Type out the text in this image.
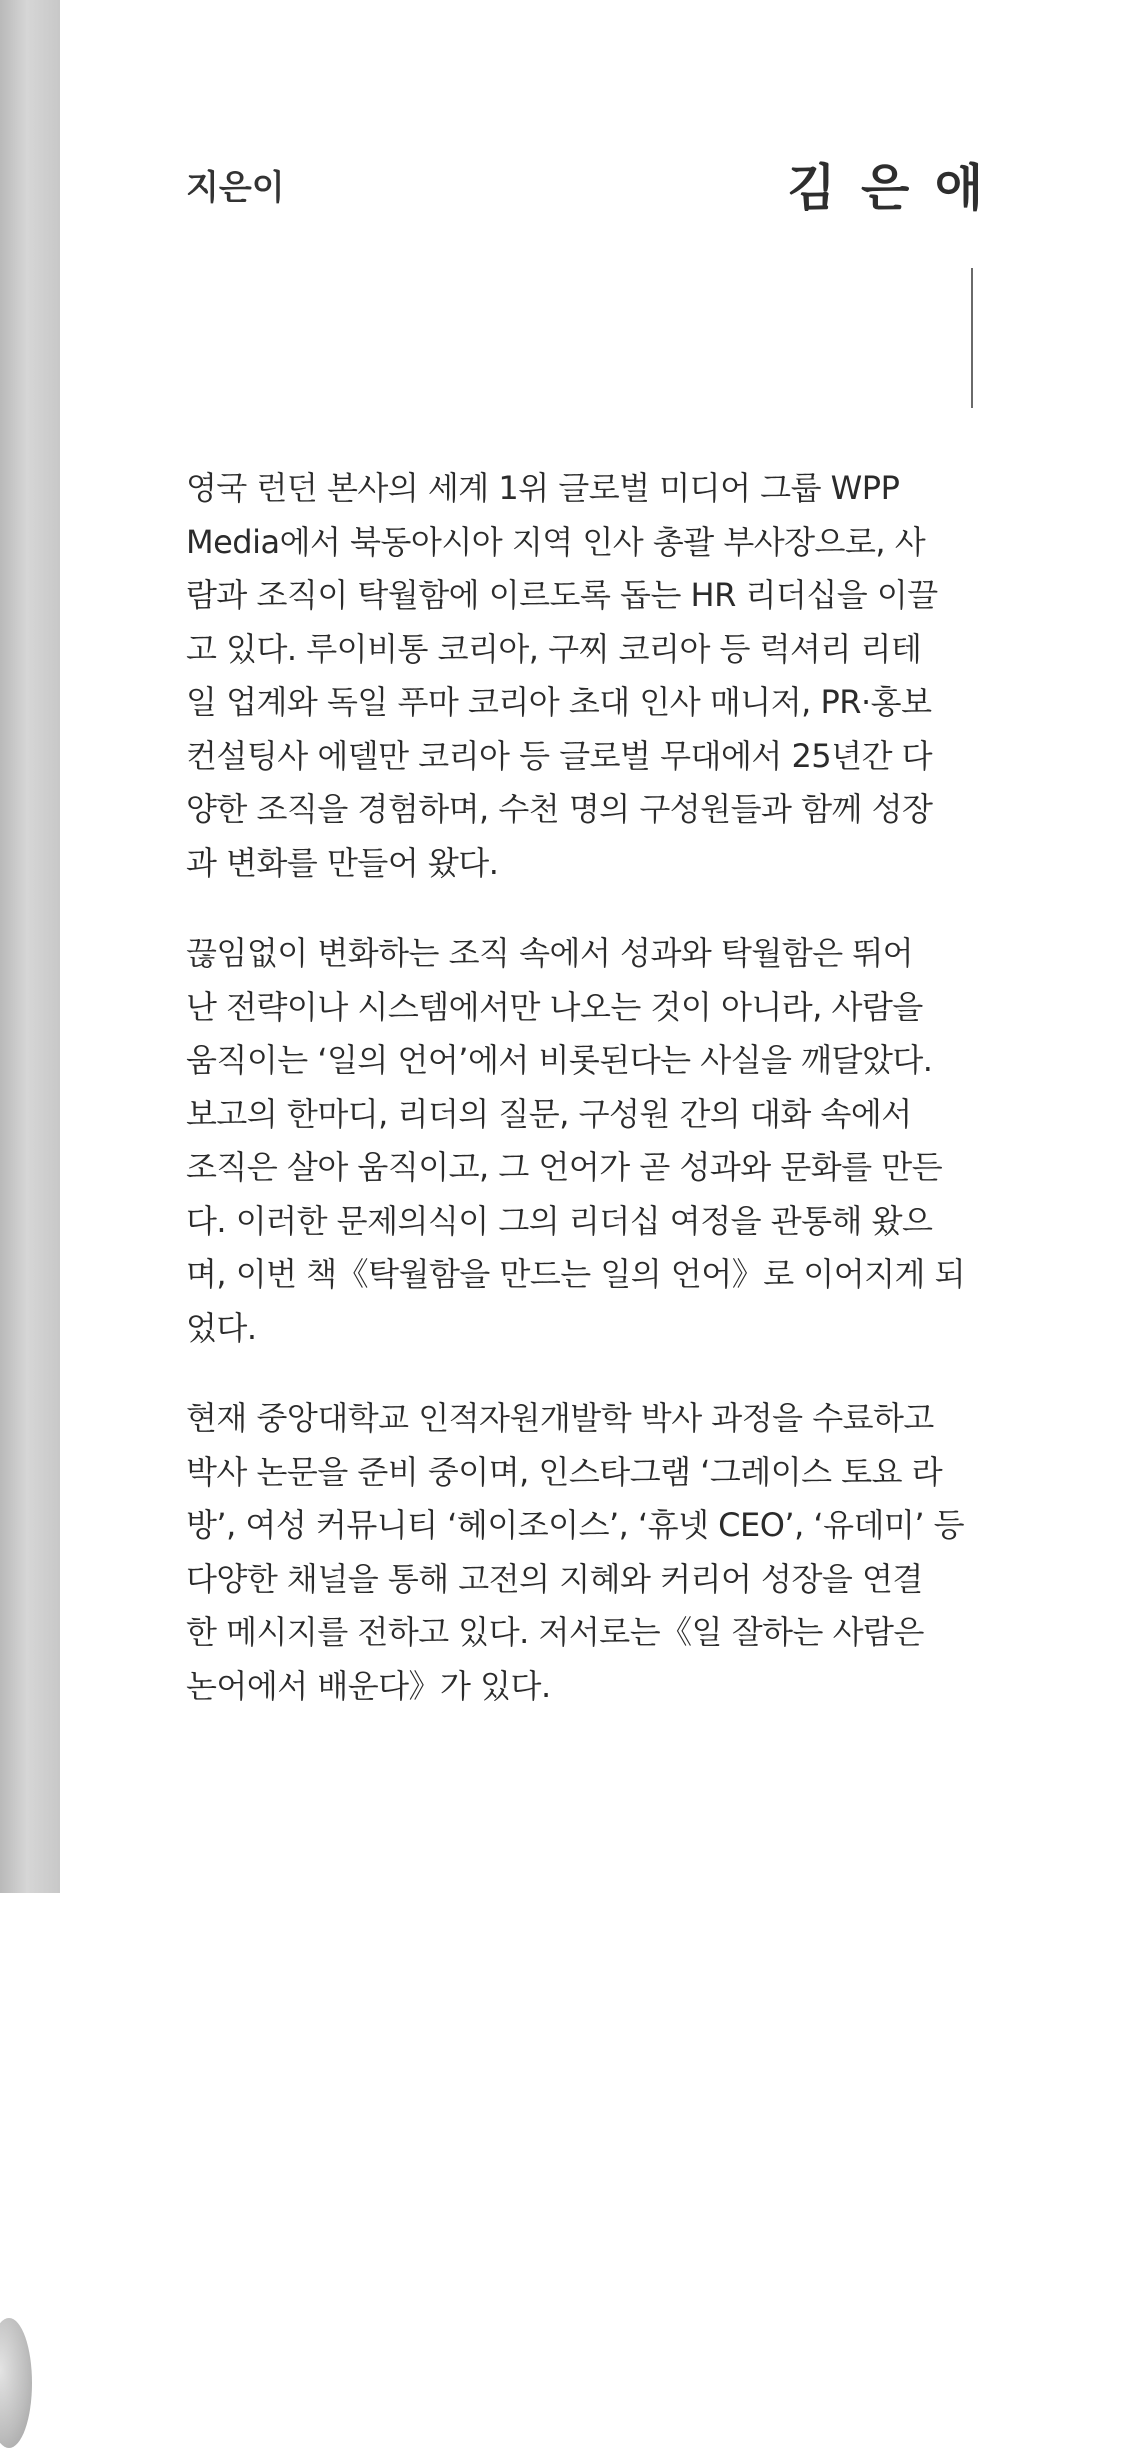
지은이	김 은 애

영국 런던 본사의 세계 1위 글로벌 미디어 그룹 WPP
Media에서 북동아시아 지역 인사 총괄 부사장으로, 사
람과 조직이 탁월함에 이르도록 돕는 HR 리더십을 이끌
고 있다. 루이비통 코리아, 구찌 코리아 등 럭셔리 리테
일 업계와 독일 푸마 코리아 초대 인사 매니저, PR·홍보
컨설팅사 에델만 코리아 등 글로벌 무대에서 25년간 다
양한 조직을 경험하며, 수천 명의 구성원들과 함께 성장
과 변화를 만들어 왔다.

끊임없이 변화하는 조직 속에서 성과와 탁월함은 뛰어
난 전략이나 시스템에서만 나오는 것이 아니라, 사람을
움직이는 ‘일의 언어’에서 비롯된다는 사실을 깨달았다.
보고의 한마디, 리더의 질문, 구성원 간의 대화 속에서
조직은 살아 움직이고, 그 언어가 곧 성과와 문화를 만든
다. 이러한 문제의식이 그의 리더십 여정을 관통해 왔으
며, 이번 책《탁월함을 만드는 일의 언어》로 이어지게 되
었다.

현재 중앙대학교 인적자원개발학 박사 과정을 수료하고
박사 논문을 준비 중이며, 인스타그램 ‘그레이스 토요 라
방’, 여성 커뮤니티 ‘헤이조이스’, ‘휴넷 CEO’, ‘유데미’ 등
다양한 채널을 통해 고전의 지혜와 커리어 성장을 연결
한 메시지를 전하고 있다. 저서로는《일 잘하는 사람은
논어에서 배운다》가 있다.
